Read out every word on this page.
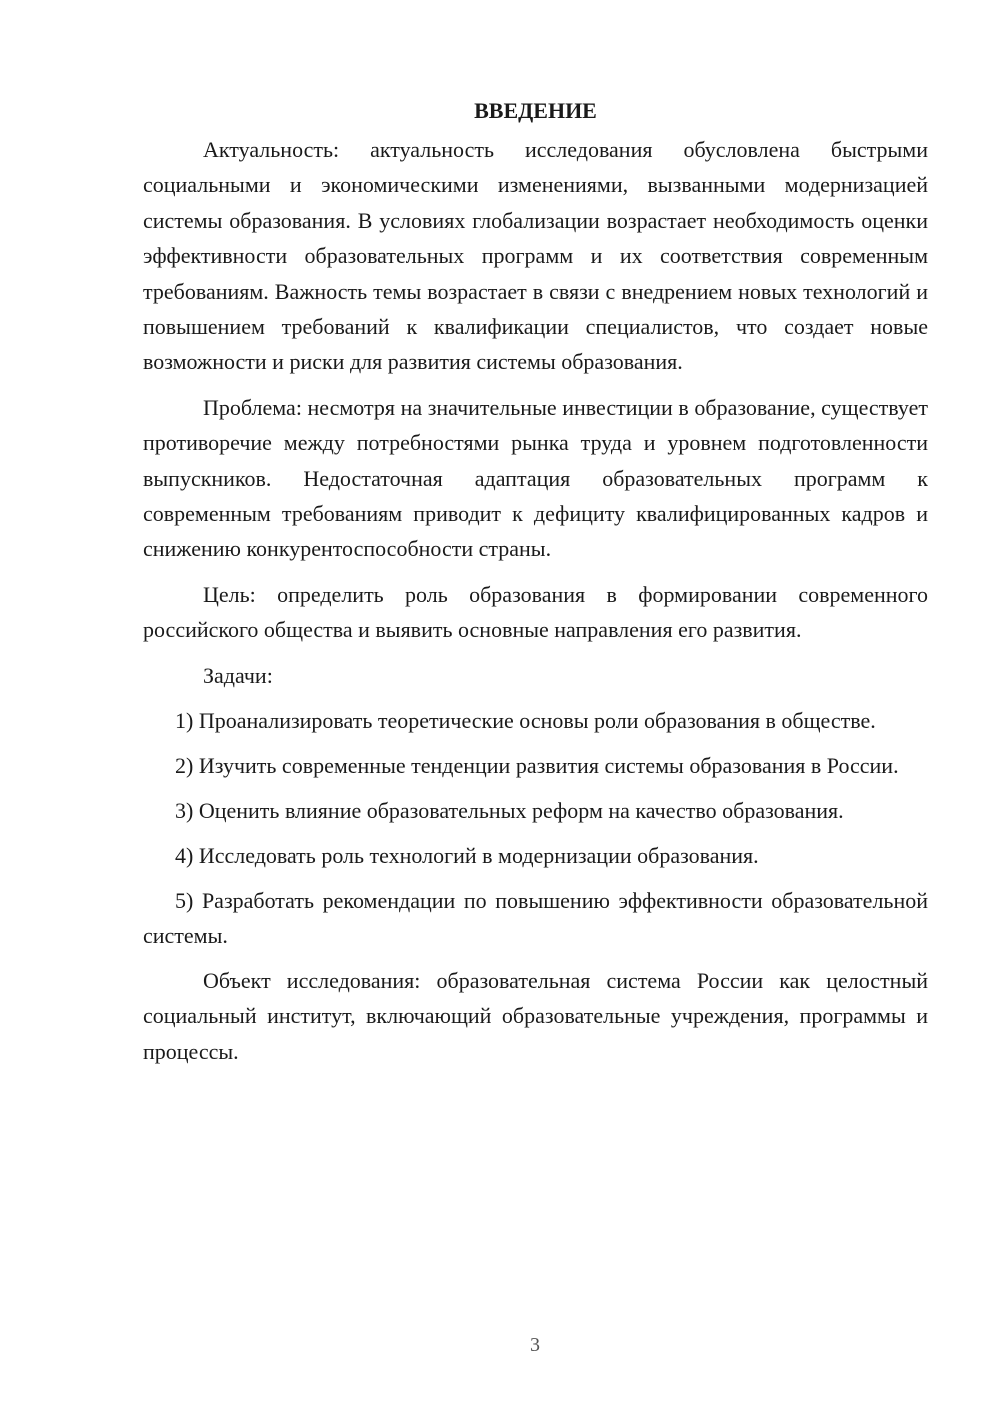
ВВЕДЕНИЕ

Актуальность: актуальность исследования обусловлена быстрыми социальными и экономическими изменениями, вызванными модернизацией системы образования. В условиях глобализации возрастает необходимость оценки эффективности образовательных программ и их соответствия современным требованиям. Важность темы возрастает в связи с внедрением новых технологий и повышением требований к квалификации специалистов, что создает новые возможности и риски для развития системы образования.

Проблема: несмотря на значительные инвестиции в образование, существует противоречие между потребностями рынка труда и уровнем подготовленности выпускников. Недостаточная адаптация образовательных программ к современным требованиям приводит к дефициту квалифицированных кадров и снижению конкурентоспособности страны.

Цель: определить роль образования в формировании современного российского общества и выявить основные направления его развития.

Задачи:

1) Проанализировать теоретические основы роли образования в обществе.

2) Изучить современные тенденции развития системы образования в России.

3) Оценить влияние образовательных реформ на качество образования.

4) Исследовать роль технологий в модернизации образования.

5) Разработать рекомендации по повышению эффективности образовательной системы.

Объект исследования: образовательная система России как целостный социальный институт, включающий образовательные учреждения, программы и процессы.

3
